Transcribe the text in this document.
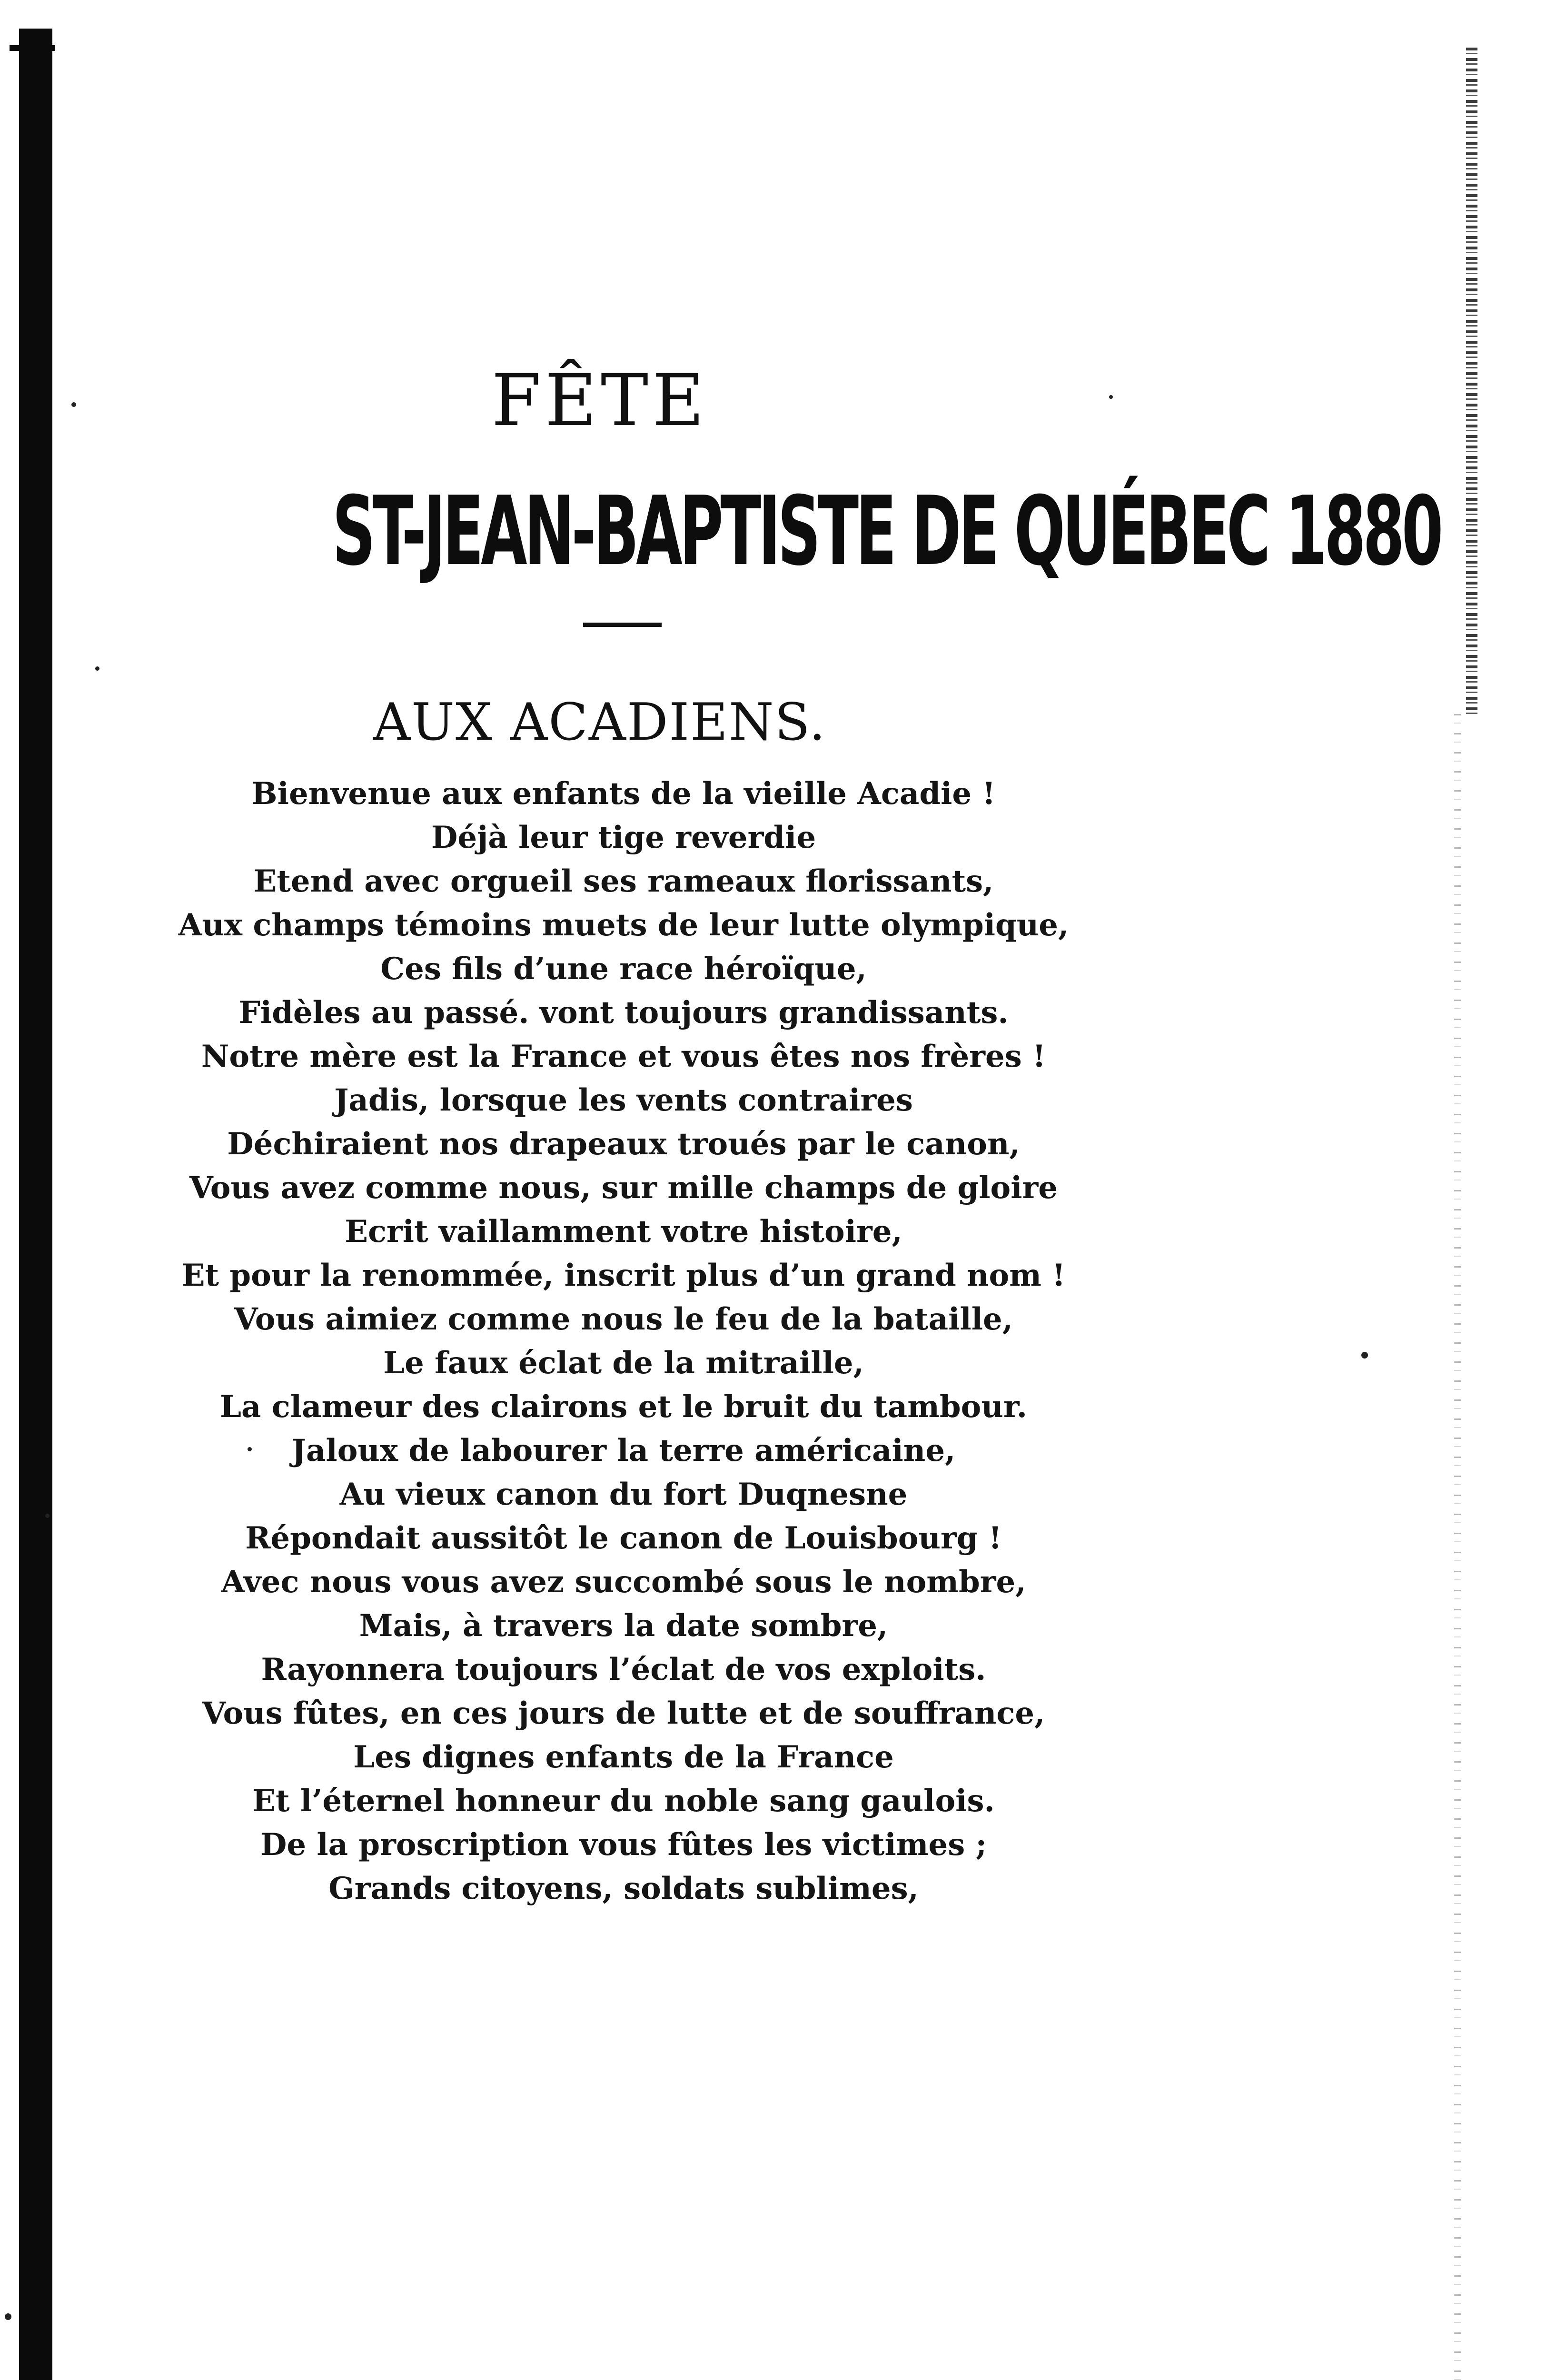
FÊTE
ST-JEAN-BAPTISTE DE QUÉBEC 1880
AUX ACADIENS.
Bienvenue aux enfants de la vieille Acadie !
Déjà leur tige reverdie
Etend avec orgueil ses rameaux florissants,
Aux champs témoins muets de leur lutte olympique,
Ces fils d’une race héroïque,
Fidèles au passé. vont toujours grandissants.
Notre mère est la France et vous êtes nos frères !
Jadis, lorsque les vents contraires
Déchiraient nos drapeaux troués par le canon,
Vous avez comme nous, sur mille champs de gloire
Ecrit vaillamment votre histoire,
Et pour la renommée, inscrit plus d’un grand nom !
Vous aimiez comme nous le feu de la bataille,
Le faux éclat de la mitraille,
La clameur des clairons et le bruit du tambour.
Jaloux de labourer la terre américaine,
Au vieux canon du fort Duqnesne
Répondait aussitôt le canon de Louisbourg !
Avec nous vous avez succombé sous le nombre,
Mais, à travers la date sombre,
Rayonnera toujours l’éclat de vos exploits.
Vous fûtes, en ces jours de lutte et de souffrance,
Les dignes enfants de la France
Et l’éternel honneur du noble sang gaulois.
De la proscription vous fûtes les victimes ;
Grands citoyens, soldats sublimes,
